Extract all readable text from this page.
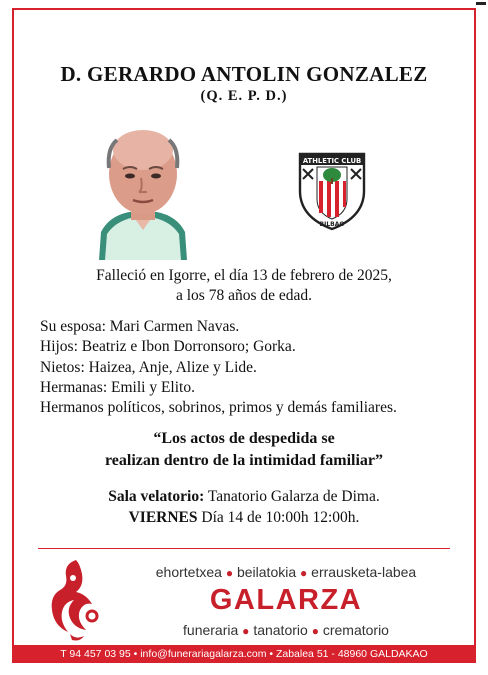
D. GERARDO ANTOLIN GONZALEZ
(Q. E. P. D.)
ATHLETIC CLUB
BILBAO
Falleció en Igorre, el día 13 de febrero de 2025,
a los 78 años de edad.
Su esposa: Mari Carmen Navas.
Hijos: Beatriz e Ibon Dorronsoro; Gorka.
Nietos: Haizea, Anje, Alize y Lide.
Hermanas: Emili y Elito.
Hermanos políticos, sobrinos, primos y demás familiares.
“Los actos de despedida se
realizan dentro de la intimidad familiar”
Sala velatorio: Tanatorio Galarza de Dima.
VIERNES Día 14 de 10:00h 12:00h.
ehortetxea ● beilatokia ● errausketa-labea
GALARZA
funeraria ● tanatorio ● crematorio
T 94 457 03 95 • info@funerariagalarza.com • Zabalea 51 - 48960 GALDAKAO
